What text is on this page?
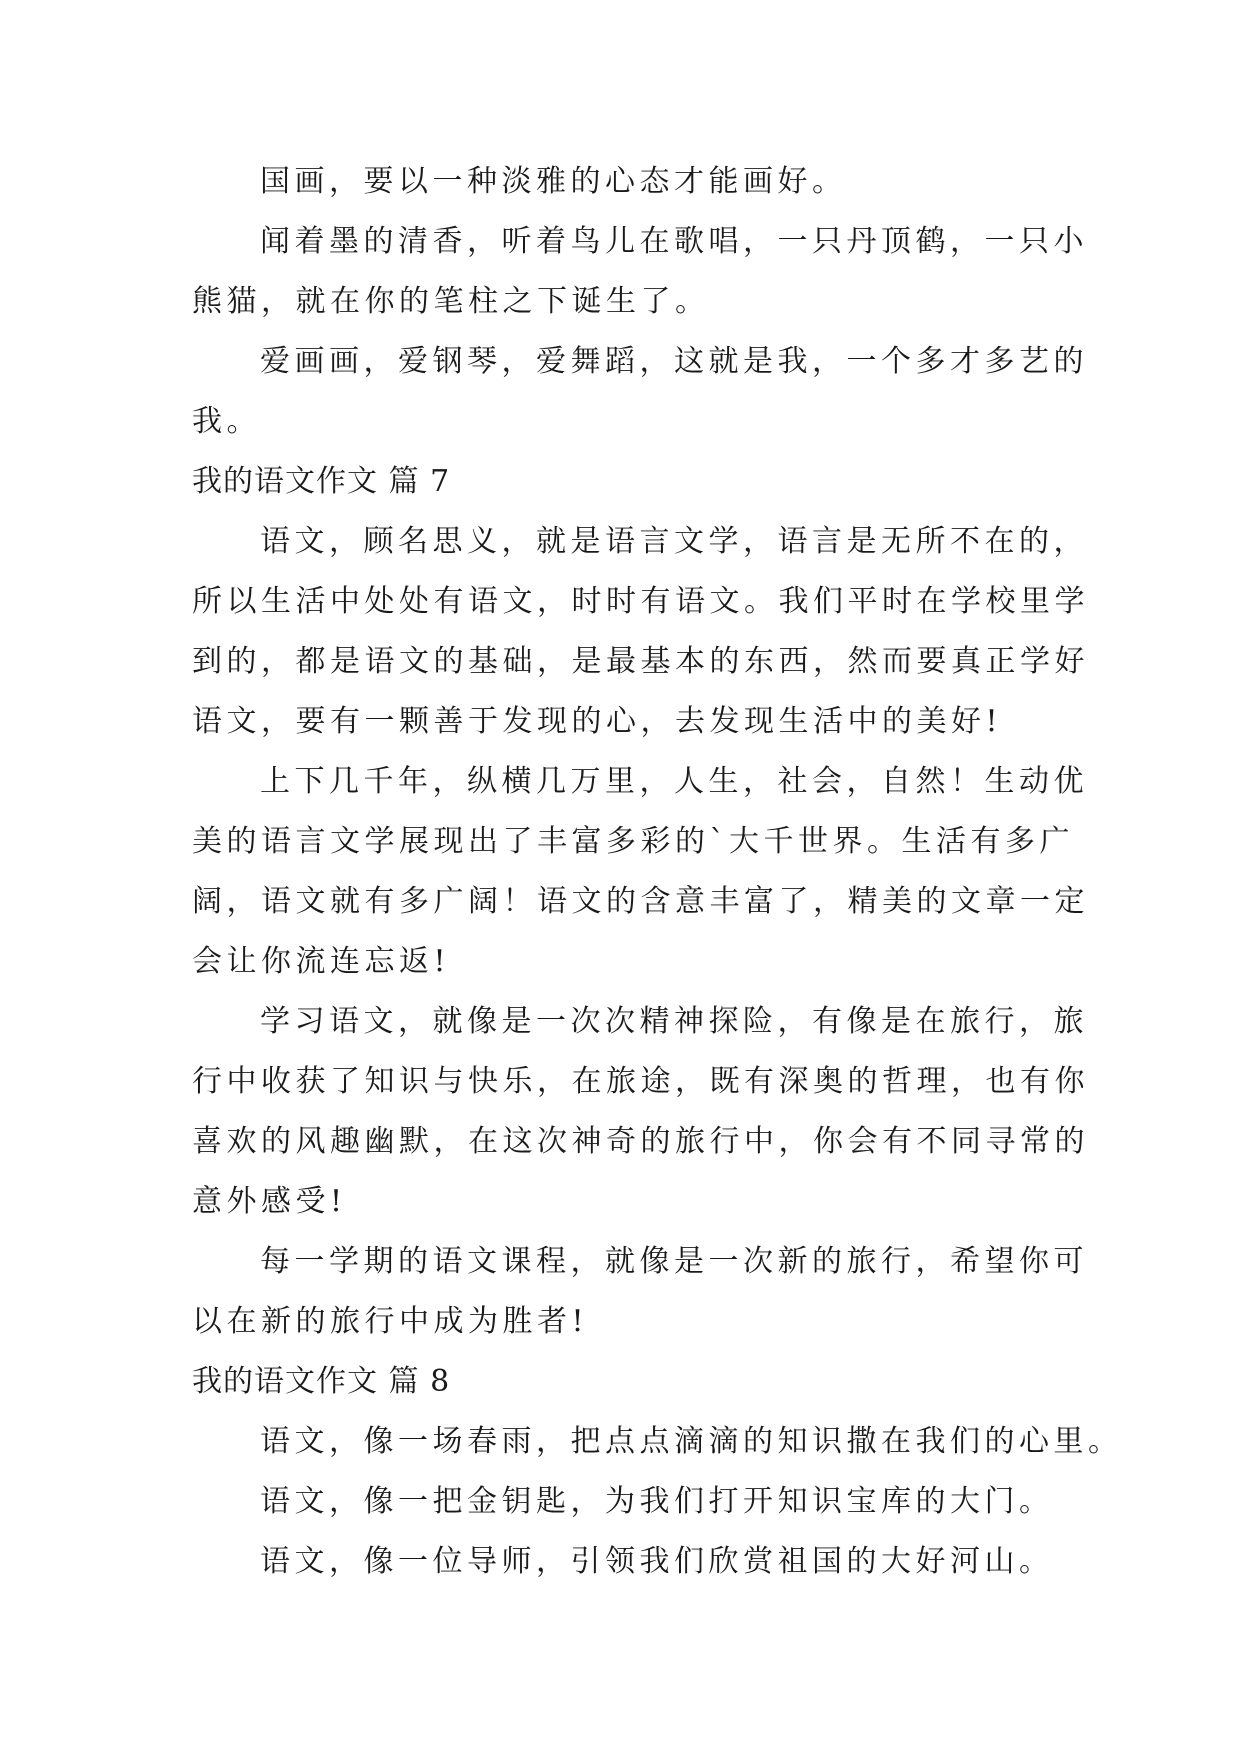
国画，要以一种淡雅的心态才能画好。
闻着墨的清香，听着鸟儿在歌唱，一只丹顶鹤，一只小
熊猫，就在你的笔柱之下诞生了。
爱画画，爱钢琴，爱舞蹈，这就是我，一个多才多艺的
我。
我的语文作文 篇 7
语文，顾名思义，就是语言文学，语言是无所不在的，
所以生活中处处有语文，时时有语文。我们平时在学校里学
到的，都是语文的基础，是最基本的东西，然而要真正学好
语文，要有一颗善于发现的心，去发现生活中的美好!
上下几千年，纵横几万里，人生，社会，自然！生动优
美的语言文学展现出了丰富多彩的`大千世界。生活有多广
阔，语文就有多广阔！语文的含意丰富了，精美的文章一定
会让你流连忘返!
学习语文，就像是一次次精神探险，有像是在旅行，旅
行中收获了知识与快乐，在旅途，既有深奥的哲理，也有你
喜欢的风趣幽默，在这次神奇的旅行中，你会有不同寻常的
意外感受!
每一学期的语文课程，就像是一次新的旅行，希望你可
以在新的旅行中成为胜者!
我的语文作文 篇 8
语文，像一场春雨，把点点滴滴的知识撒在我们的心里。
语文，像一把金钥匙，为我们打开知识宝库的大门。
语文，像一位导师，引领我们欣赏祖国的大好河山。
